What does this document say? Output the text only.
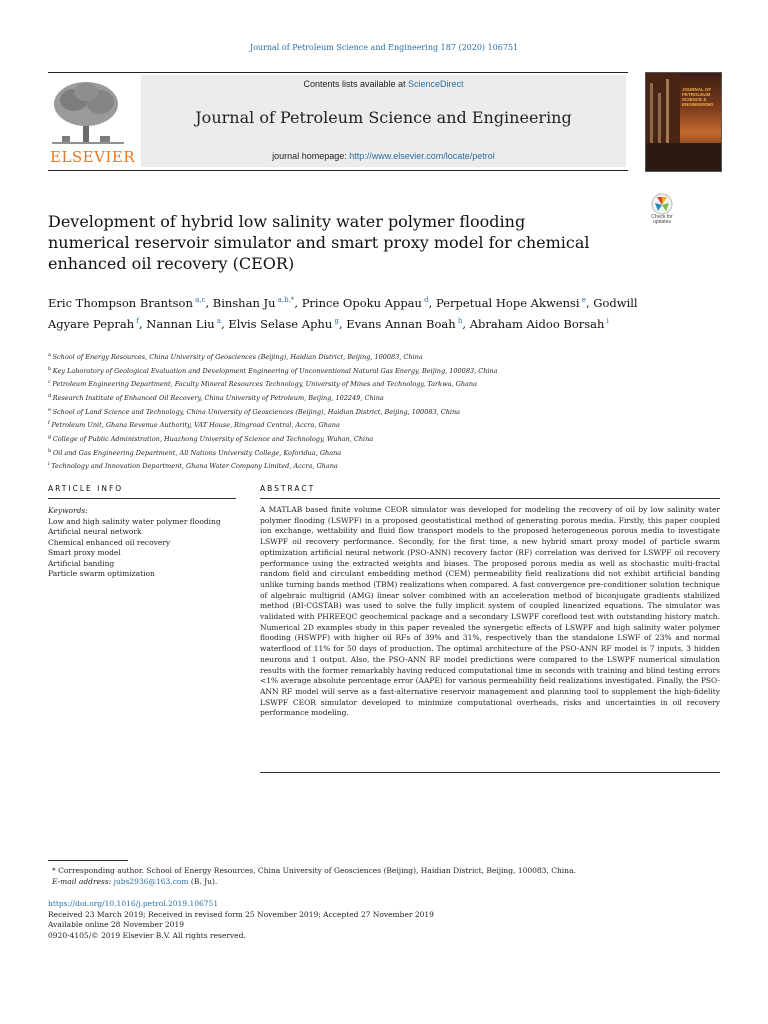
Journal of Petroleum Science and Engineering 187 (2020) 106751
ELSEVIER
Contents lists available at ScienceDirect
Journal of Petroleum Science and Engineering
journal homepage: http://www.elsevier.com/locate/petrol
JOURNAL OF PETROLEUM SCIENCE & ENGINEERING
Check for
updates
Development of hybrid low salinity water polymer flooding numerical reservoir simulator and smart proxy model for chemical enhanced oil recovery (CEOR)
Eric Thompson Brantson $^{a,c}$, Binshan Ju $^{a,b,*}$, Prince Opoku Appau $^d$, Perpetual Hope Akwensi $^e$, Godwill Agyare Peprah $^f$, Nannan Liu $^a$, Elvis Selase Aphu $^g$, Evans Annan Boah $^h$, Abraham Aidoo Borsah $^i$
$^a$ School of Energy Resources, China University of Geosciences (Beijing), Haidian District, Beijing, 100083, China
$^b$ Key Laboratory of Geological Evaluation and Development Engineering of Unconventional Natural Gas Energy, Beijing, 100083, China
$^c$ Petroleum Engineering Department, Faculty Mineral Resources Technology, University of Mines and Technology, Tarkwa, Ghana
$^d$ Research Institute of Enhanced Oil Recovery, China University of Petroleum, Beijing, 102249, China
$^e$ School of Land Science and Technology, China University of Geosciences (Beijing), Haidian District, Beijing, 100083, China
$^f$ Petroleum Unit, Ghana Revenue Authority, VAT House, Ringroad Central, Accra, Ghana
$^g$ College of Public Administration, Huazhong University of Science and Technology, Wuhan, China
$^h$ Oil and Gas Engineering Department, All Nations University College, Koforidua, Ghana
$^i$ Technology and Innovation Department, Ghana Water Company Limited, Accra, Ghana
ARTICLE INFO
Keywords:
Low and high salinity water polymer flooding
Artificial neural network
Chemical enhanced oil recovery
Smart proxy model
Artificial banding
Particle swarm optimization
ABSTRACT
A MATLAB based finite volume CEOR simulator was developed for modeling the recovery of oil by low salinity water polymer flooding (LSWPF) in a proposed geostatistical method of generating porous media. Firstly, this paper coupled ion exchange, wettability and fluid flow transport models to the proposed heterogeneous porous media to investigate LSWPF oil recovery performance. Secondly, for the first time, a new hybrid smart proxy model of particle swarm optimization artificial neural network (PSO-ANN) recovery factor (RF) correlation was derived for LSWPF oil recovery performance using the extracted weights and biases. The proposed porous media as well as stochastic multi-fractal random field and circulant embedding method (CEM) permeability field realizations did not exhibit artificial banding unlike turning bands method (TBM) realizations when compared. A fast convergence pre-conditioner solution technique of algebraic multigrid (AMG) linear solver combined with an acceleration method of biconjugate gradients stabilized method (BI-CGSTAB) was used to solve the fully implicit system of coupled linearized equations. The simulator was validated with PHREEQC geochemical package and a secondary LSWPF coreflood test with outstanding history match. Numerical 2D examples study in this paper revealed the synergetic effects of LSWPF and high salinity water polymer flooding (HSWPF) with higher oil RFs of 39% and 31%, respectively than the standalone LSWF of 23% and normal waterflood of 11% for 50 days of production. The optimal architecture of the PSO-ANN RF model is 7 inputs, 3 hidden neurons and 1 output. Also, the PSO-ANN RF model predictions were compared to the LSWPF numerical simulation results with the former remarkably having reduced computational time in seconds with training and blind testing errors <1% average absolute percentage error (AAPE) for various permeability field realizations investigated. Finally, the PSO-ANN RF model will serve as a fast-alternative reservoir management and planning tool to supplement the high-fidelity LSWPF CEOR simulator developed to minimize computational overheads, risks and uncertainties in oil recovery performance modeling.
* Corresponding author. School of Energy Resources, China University of Geosciences (Beijing), Haidian District, Beijing, 100083, China.
E-mail address: jubs2936@163.com (B. Ju).
https://doi.org/10.1016/j.petrol.2019.106751
Received 23 March 2019; Received in revised form 25 November 2019; Accepted 27 November 2019
Available online 28 November 2019
0920-4105/© 2019 Elsevier B.V. All rights reserved.
